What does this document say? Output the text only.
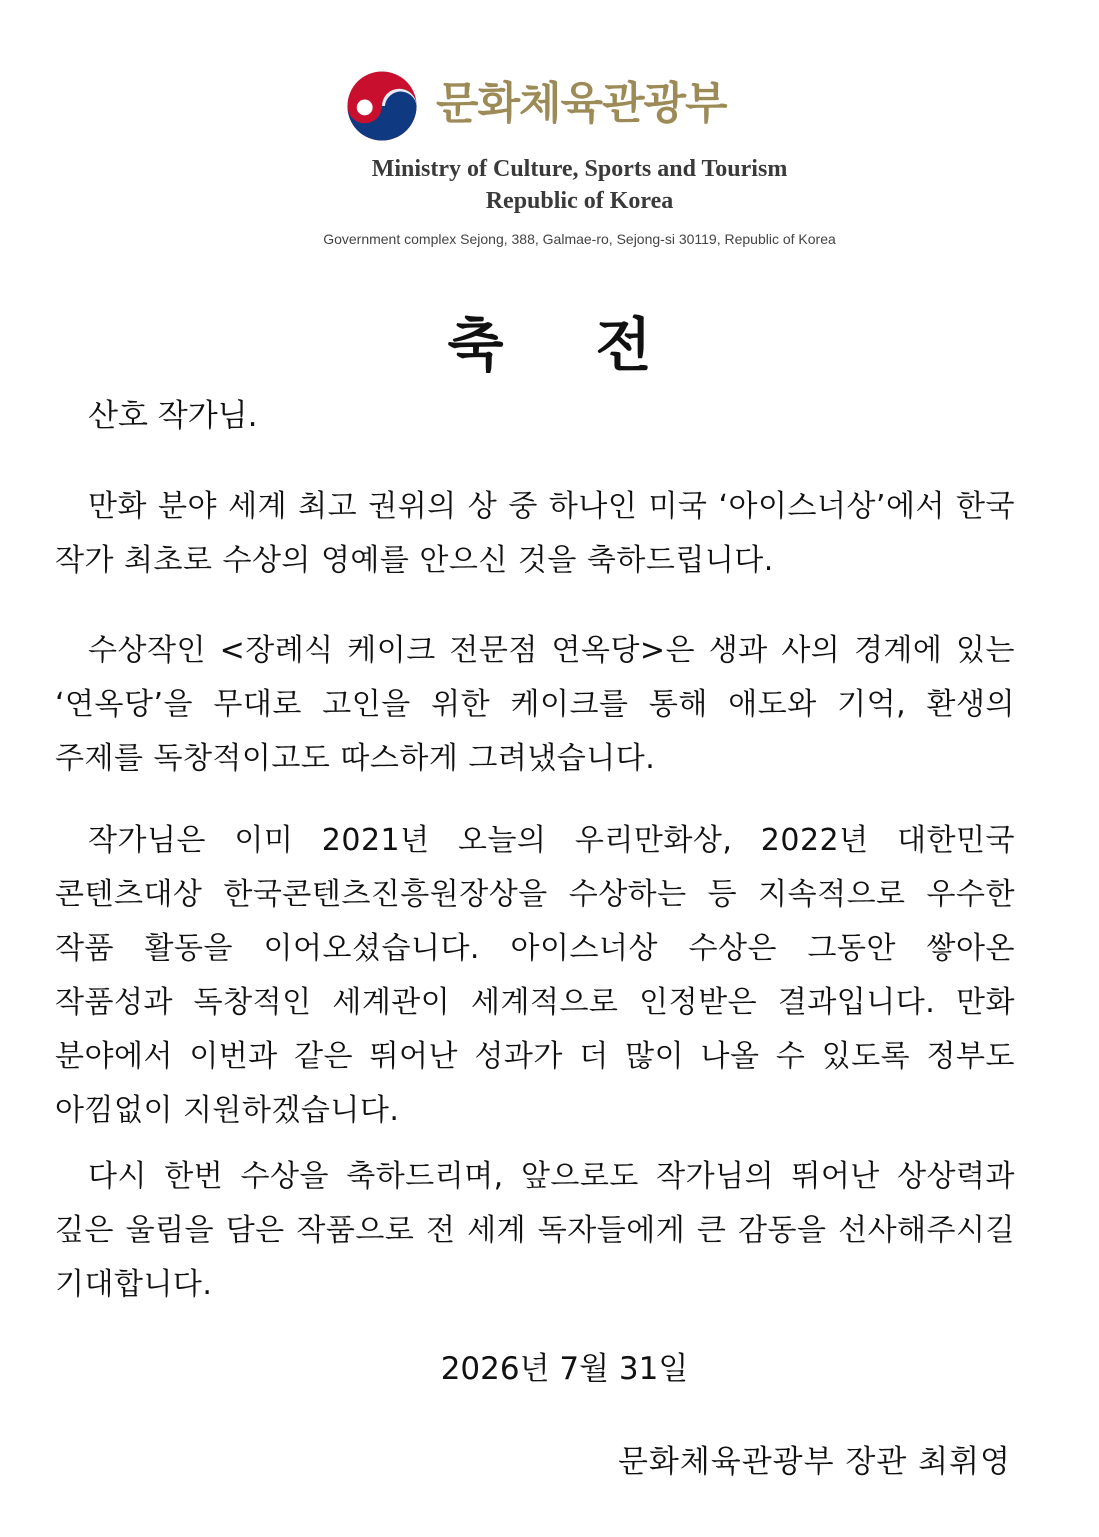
문화체육관광부
Ministry of Culture, Sports and Tourism
Republic of Korea
Government complex Sejong, 388, Galmae-ro, Sejong-si 30119, Republic of Korea
축 전
산호 작가님.
만화 분야 세계 최고 권위의 상 중 하나인 미국 ‘아이스너상’에서 한국 작가 최초로 수상의 영예를 안으신 것을 축하드립니다.
수상작인 <장례식 케이크 전문점 연옥당>은 생과 사의 경계에 있는 ‘연옥당’을 무대로 고인을 위한 케이크를 통해 애도와 기억, 환생의 주제를 독창적이고도 따스하게 그려냈습니다.
작가님은 이미 2021년 오늘의 우리만화상, 2022년 대한민국 콘텐츠대상 한국콘텐츠진흥원장상을 수상하는 등 지속적으로 우수한 작품 활동을 이어오셨습니다. 아이스너상 수상은 그동안 쌓아온 작품성과 독창적인 세계관이 세계적으로 인정받은 결과입니다. 만화 분야에서 이번과 같은 뛰어난 성과가 더 많이 나올 수 있도록 정부도 아낌없이 지원하겠습니다.
다시 한번 수상을 축하드리며, 앞으로도 작가님의 뛰어난 상상력과 깊은 울림을 담은 작품으로 전 세계 독자들에게 큰 감동을 선사해주시길 기대합니다.
2026년 7월 31일
문화체육관광부 장관 최휘영
